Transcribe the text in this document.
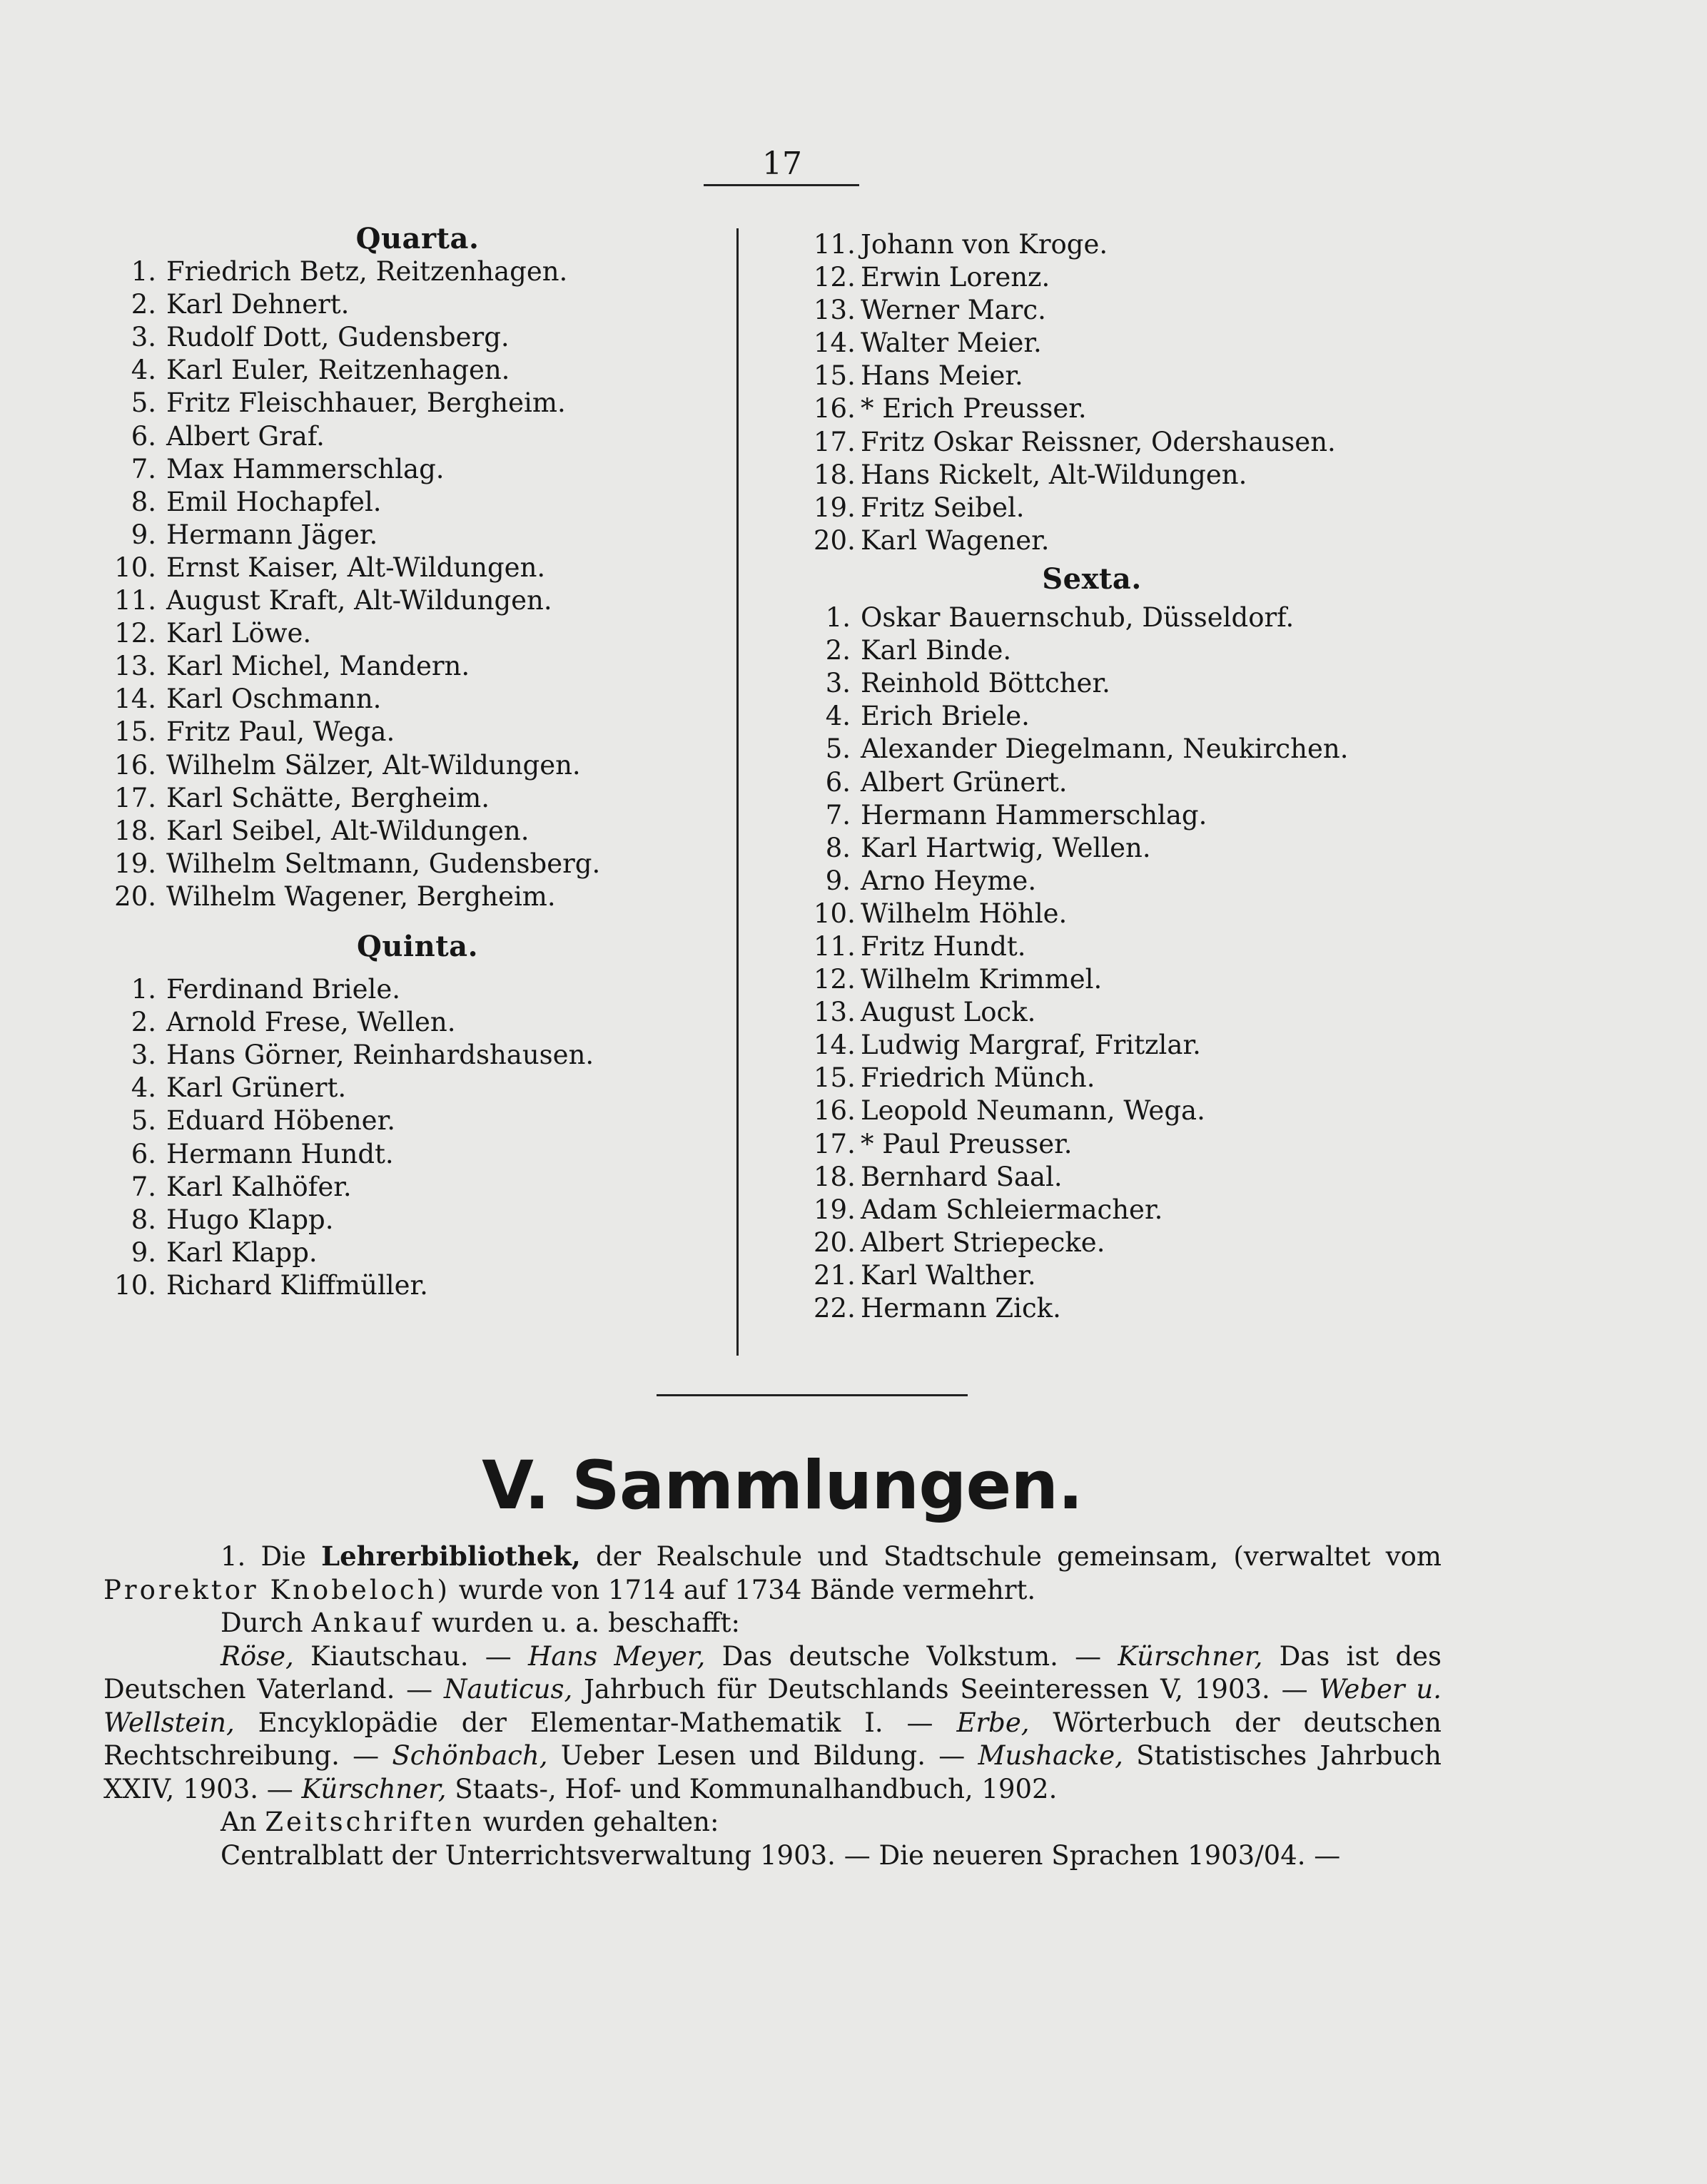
17
Quarta.
1. Friedrich Betz, Reitzenhagen.
2. Karl Dehnert.
3. Rudolf Dott, Gudensberg.
4. Karl Euler, Reitzenhagen.
5. Fritz Fleischhauer, Bergheim.
6. Albert Graf.
7. Max Hammerschlag.
8. Emil Hochapfel.
9. Hermann Jäger.
10. Ernst Kaiser, Alt-Wildungen.
11. August Kraft, Alt-Wildungen.
12. Karl Löwe.
13. Karl Michel, Mandern.
14. Karl Oschmann.
15. Fritz Paul, Wega.
16. Wilhelm Sälzer, Alt-Wildungen.
17. Karl Schätte, Bergheim.
18. Karl Seibel, Alt-Wildungen.
19. Wilhelm Seltmann, Gudensberg.
20. Wilhelm Wagener, Bergheim.
Quinta.
1. Ferdinand Briele.
2. Arnold Frese, Wellen.
3. Hans Görner, Reinhardshausen.
4. Karl Grünert.
5. Eduard Höbener.
6. Hermann Hundt.
7. Karl Kalhöfer.
8. Hugo Klapp.
9. Karl Klapp.
10. Richard Kliffmüller.
11. Johann von Kroge.
12. Erwin Lorenz.
13. Werner Marc.
14. Walter Meier.
15. Hans Meier.
16. * Erich Preusser.
17. Fritz Oskar Reissner, Odershausen.
18. Hans Rickelt, Alt-Wildungen.
19. Fritz Seibel.
20. Karl Wagener.
Sexta.
1. Oskar Bauernschub, Düsseldorf.
2. Karl Binde.
3. Reinhold Böttcher.
4. Erich Briele.
5. Alexander Diegelmann, Neukirchen.
6. Albert Grünert.
7. Hermann Hammerschlag.
8. Karl Hartwig, Wellen.
9. Arno Heyme.
10. Wilhelm Höhle.
11. Fritz Hundt.
12. Wilhelm Krimmel.
13. August Lock.
14. Ludwig Margraf, Fritzlar.
15. Friedrich Münch.
16. Leopold Neumann, Wega.
17. * Paul Preusser.
18. Bernhard Saal.
19. Adam Schleiermacher.
20. Albert Striepecke.
21. Karl Walther.
22. Hermann Zick.
V. Sammlungen.

1. Die Lehrerbibliothek, der Realschule und Stadtschule gemeinsam, (verwaltet vom Prorektor Knobeloch) wurde von 1714 auf 1734 Bände vermehrt.

Durch Ankauf wurden u. a. beschafft:

Röse, Kiautschau. — Hans Meyer, Das deutsche Volkstum. — Kürschner, Das ist des Deutschen Vaterland. — Nauticus, Jahrbuch für Deutschlands Seeinteressen V, 1903. — Weber u. Wellstein, Encyklopädie der Elementar-Mathematik I. — Erbe, Wörterbuch der deutschen Rechtschreibung. — Schönbach, Ueber Lesen und Bildung. — Mushacke, Statistisches Jahrbuch XXIV, 1903. — Kürschner, Staats-, Hof- und Kommunalhandbuch, 1902.

An Zeitschriften wurden gehalten:

Centralblatt der Unterrichtsverwaltung 1903. — Die neueren Sprachen 1903/04. —
